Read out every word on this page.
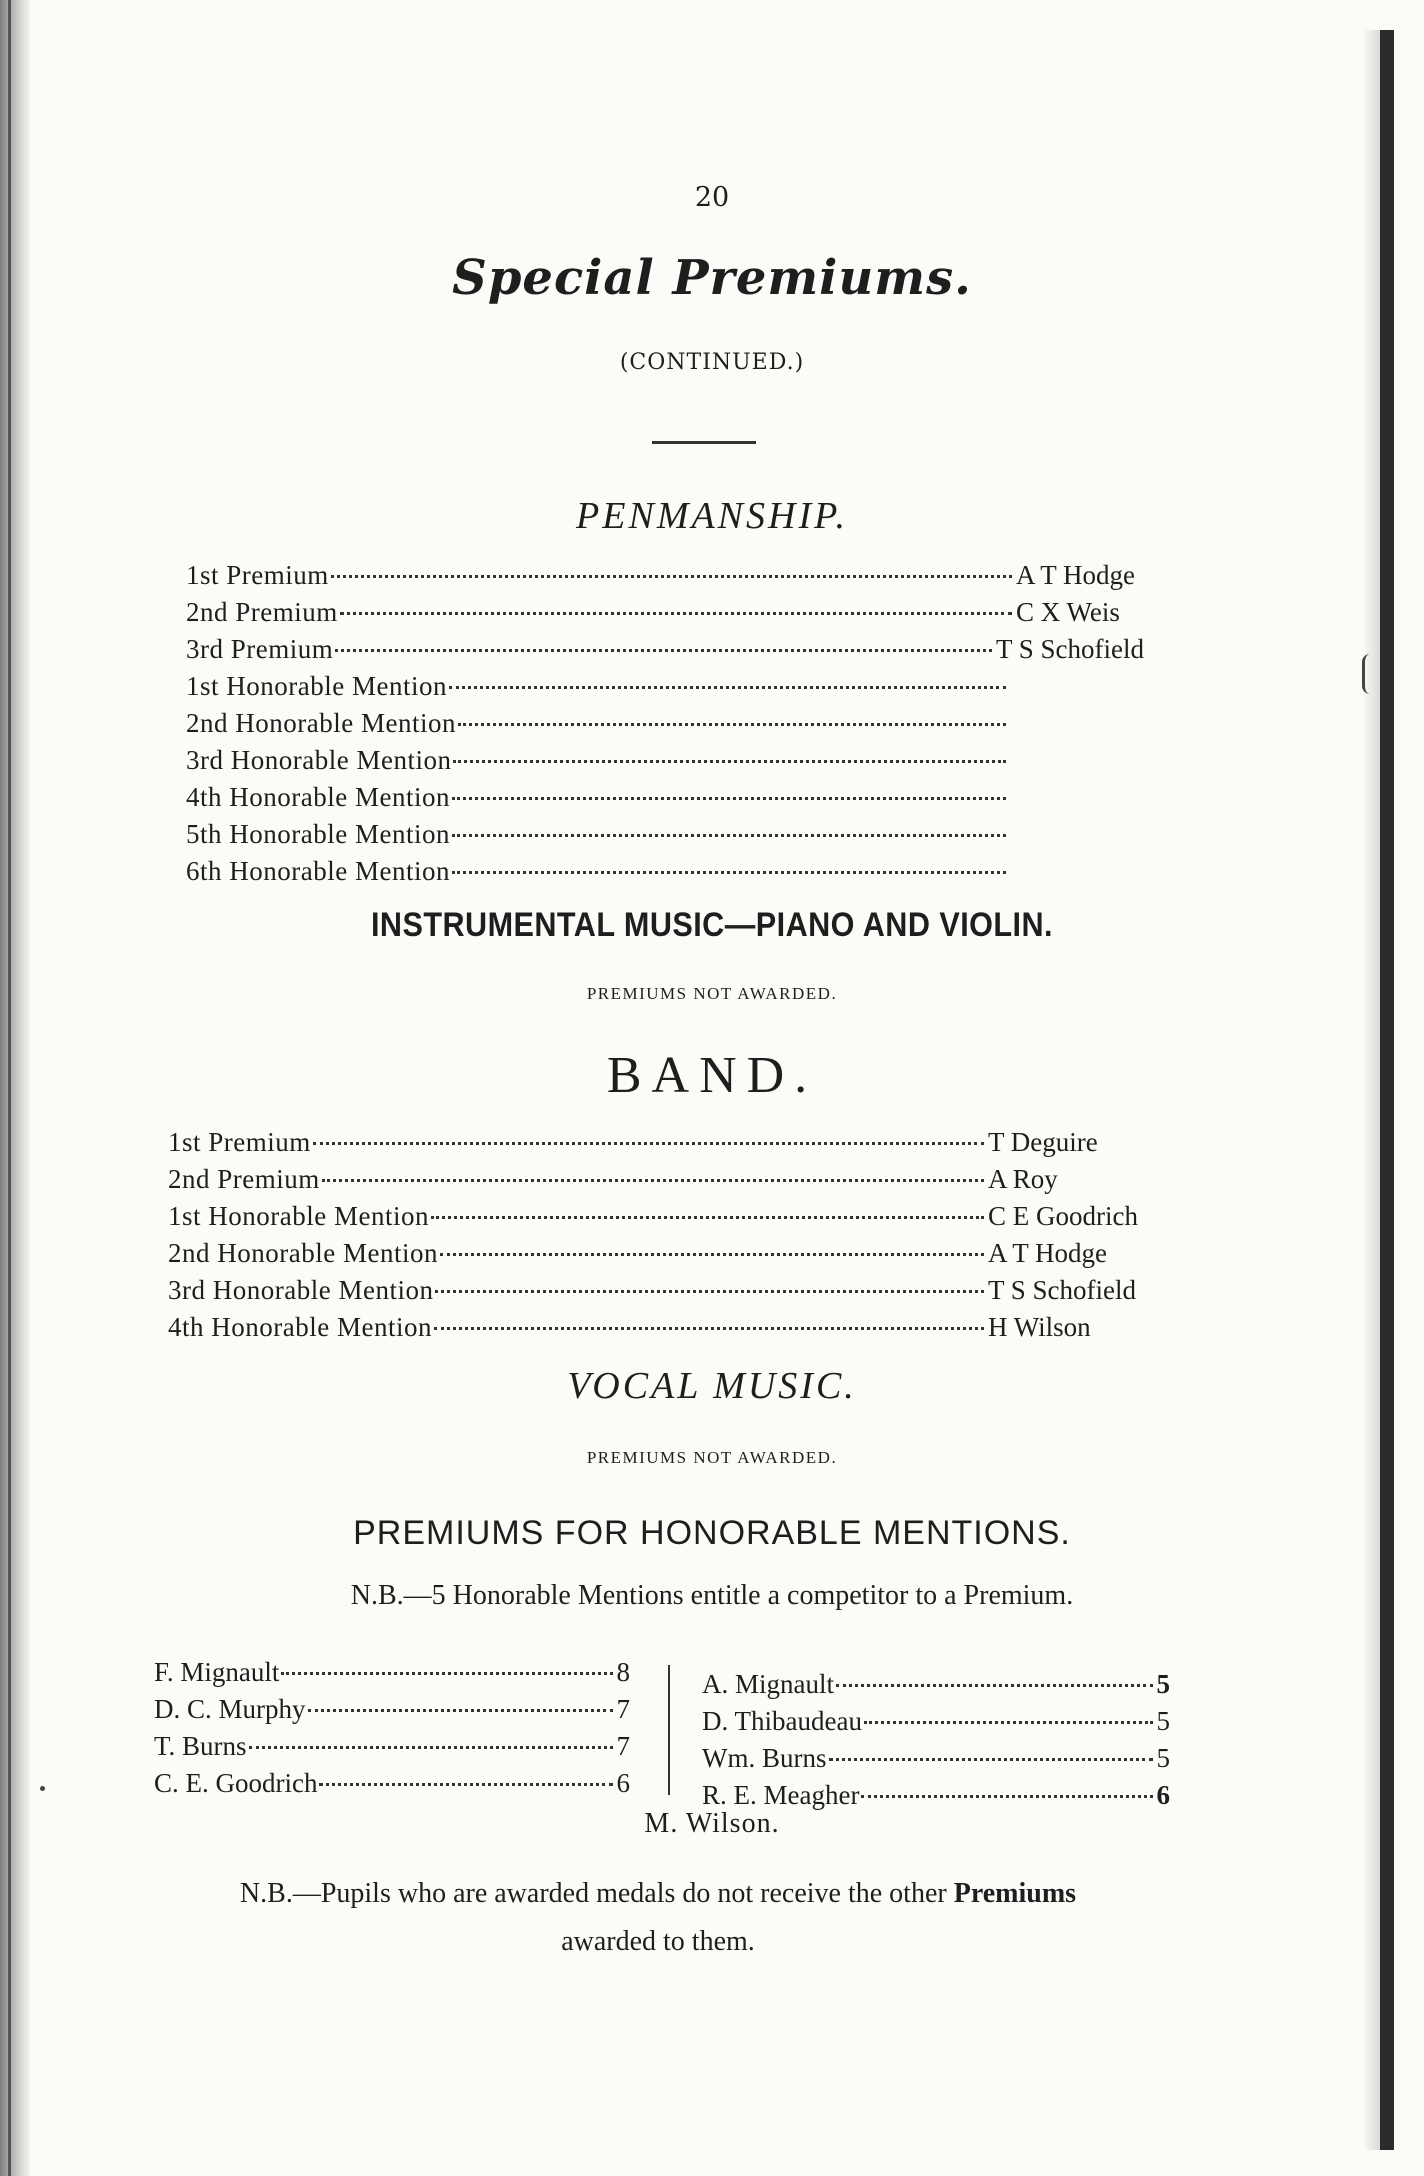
20
Special Premiums.
(CONTINUED.)
PENMANSHIP.
1st Premium	A T Hodge
2nd Premium	C X Weis
3rd Premium	T S Schofield
1st Honorable Mention
2nd Honorable Mention
3rd Honorable Mention
4th Honorable Mention
5th Honorable Mention
6th Honorable Mention
INSTRUMENTAL MUSIC—PIANO AND VIOLIN.
PREMIUMS NOT AWARDED.
BAND.
1st Premium	T Deguire
2nd Premium	A Roy
1st Honorable Mention	C E Goodrich
2nd Honorable Mention	A T Hodge
3rd Honorable Mention	T S Schofield
4th Honorable Mention	H Wilson
VOCAL MUSIC.
PREMIUMS NOT AWARDED.
PREMIUMS FOR HONORABLE MENTIONS.
N.B.—5 Honorable Mentions entitle a competitor to a Premium.
F. Mignault	8
D. C. Murphy	7
T. Burns	7
C. E. Goodrich	6
A. Mignault	5
D. Thibaudeau	5
Wm. Burns	5
R. E. Meagher	6
M. Wilson.
N.B.—Pupils who are awarded medals do not receive the other Premiums
awarded to them.
